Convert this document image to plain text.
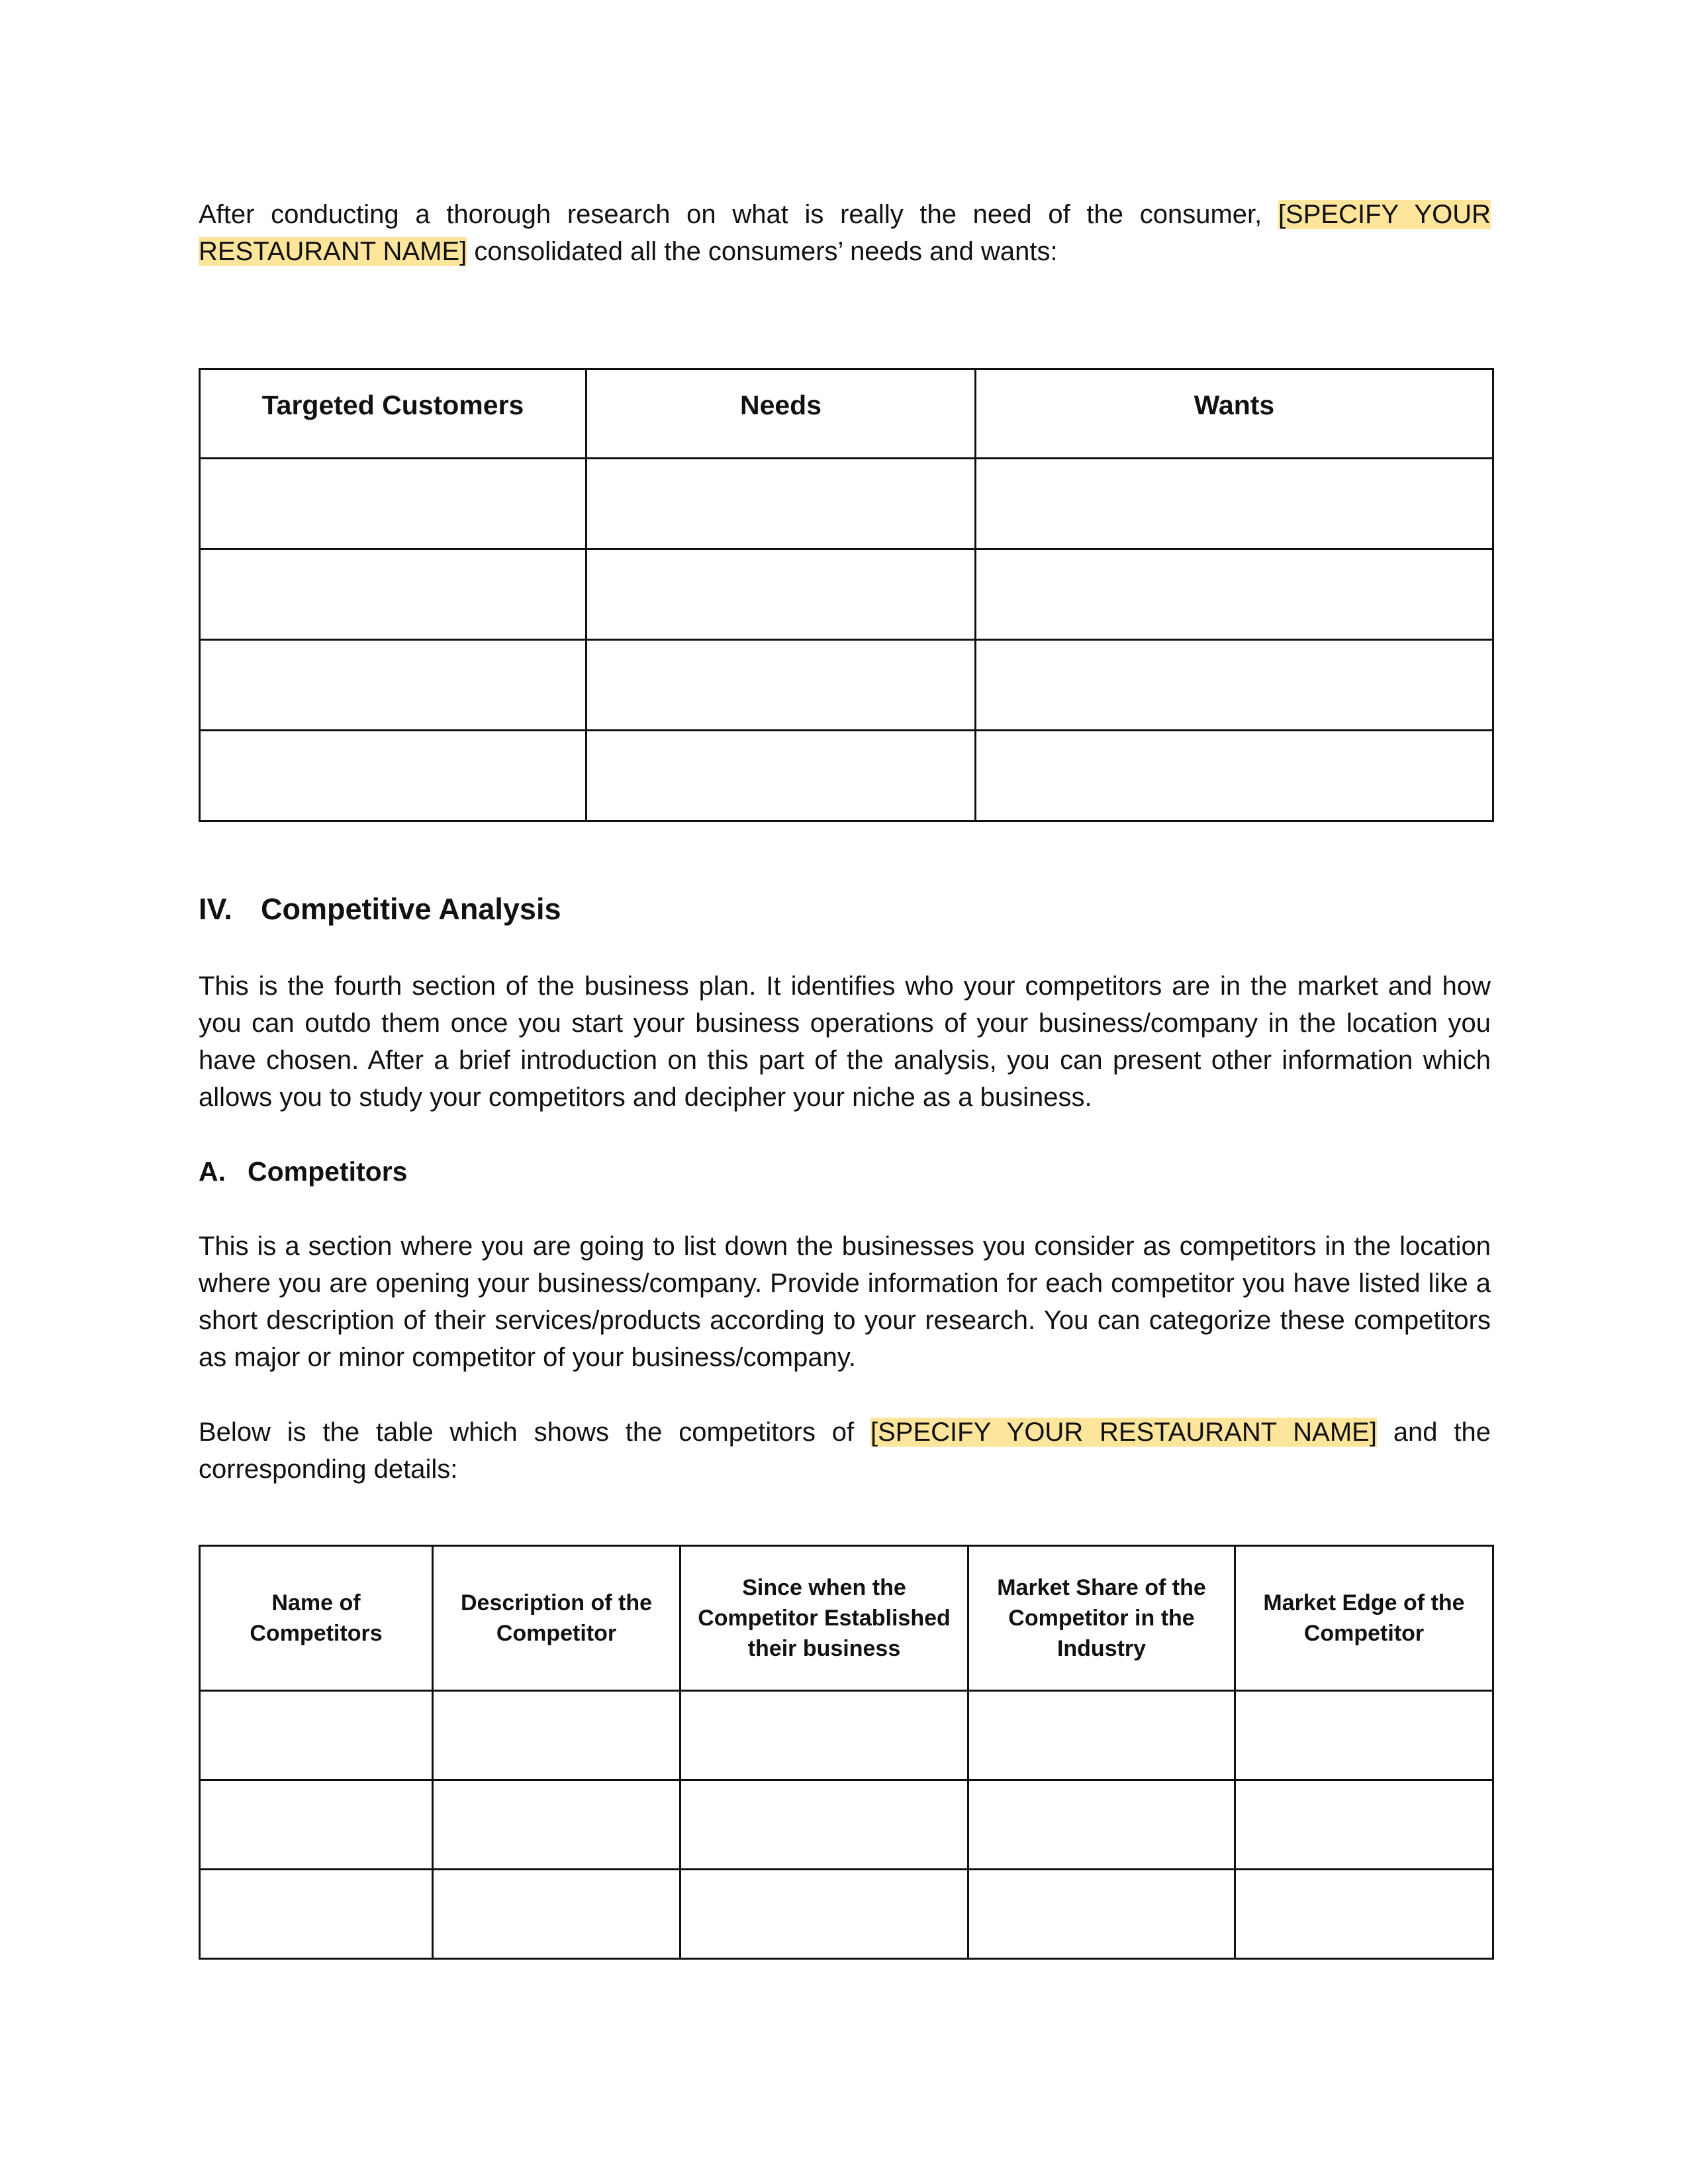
After conducting a thorough research on what is really the need of the consumer, [SPECIFY YOUR RESTAURANT NAME] consolidated all the consumers’ needs and wants:

Targeted Customers	Needs	Wants

IV. Competitive Analysis

This is the fourth section of the business plan. It identifies who your competitors are in the market and how you can outdo them once you start your business operations of your business/company in the location you have chosen. After a brief introduction on this part of the analysis, you can present other information which allows you to study your competitors and decipher your niche as a business.

A. Competitors

This is a section where you are going to list down the businesses you consider as competitors in the location where you are opening your business/company. Provide information for each competitor you have listed like a short description of their services/products according to your research. You can categorize these competitors as major or minor competitor of your business/company.

Below is the table which shows the competitors of [SPECIFY YOUR RESTAURANT NAME] and the corresponding details:

Name of Competitors	Description of the Competitor	Since when the Competitor Established their business	Market Share of the Competitor in the Industry	Market Edge of the Competitor
